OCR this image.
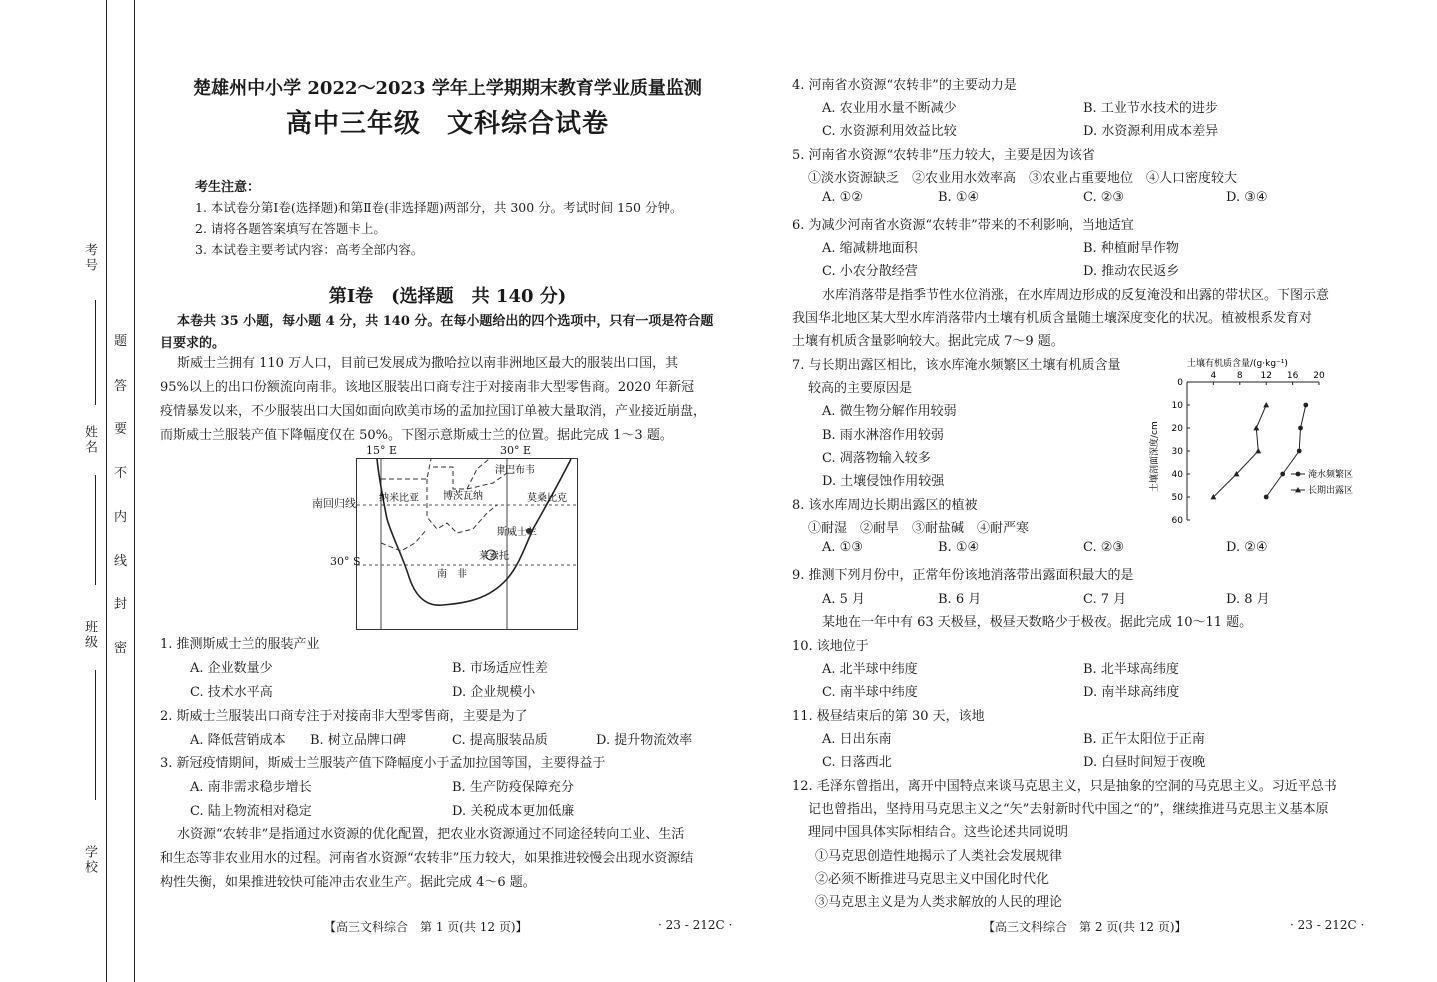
考号
姓名
班级
学校
题
答
要
不
内
线
封
密
楚雄州中小学 2022～2023 学年上学期期末教育学业质量监测
高中三年级 文科综合试卷
考生注意：
1. 本试卷分第Ⅰ卷(选择题)和第Ⅱ卷(非选择题)两部分，共 300 分。考试时间 150 分钟。
2. 请将各题答案填写在答题卡上。
3. 本试卷主要考试内容：高考全部内容。
第Ⅰ卷　(选择题　共 140 分)
本卷共 35 小题，每小题 4 分，共 140 分。在每小题给出的四个选项中，只有一项是符合题
目要求的。
斯威士兰拥有 110 万人口，目前已发展成为撒哈拉以南非洲地区最大的服装出口国，其
95%以上的出口份额流向南非。该地区服装出口商专注于对接南非大型零售商。2020 年新冠
疫情暴发以来，不少服装出口大国如面向欧美市场的孟加拉国订单被大量取消，产业接近崩盘，
而斯威士兰服装产值下降幅度仅在 50%。下图示意斯威士兰的位置。据此完成 1～3 题。
津巴布韦
纳米比亚 博茨瓦纳	莫桑比克
斯威士兰
莱索托
南　非
15° E	30° E
南回归线
30° S
1. 推测斯威士兰的服装产业
A. 企业数量少	B. 市场适应性差
C. 技术水平高	D. 企业规模小
2. 斯威士兰服装出口商专注于对接南非大型零售商，主要是为了
A. 降低营销成本 B. 树立品牌口碑	C. 提高服装品质	D. 提升物流效率
3. 新冠疫情期间，斯威士兰服装产值下降幅度小于孟加拉国等国，主要得益于
A. 南非需求稳步增长	B. 生产防疫保障充分
C. 陆上物流相对稳定	D. 关税成本更加低廉
水资源“农转非”是指通过水资源的优化配置，把农业水资源通过不同途径转向工业、生活
和生态等非农业用水的过程。河南省水资源“农转非”压力较大，如果推进较慢会出现水资源结
构性失衡，如果推进较快可能冲击农业生产。据此完成 4～6 题。
【高三文科综合　第 1 页(共 12 页)】	· 23 - 212C ·
4. 河南省水资源“农转非”的主要动力是
A. 农业用水量不断减少	B. 工业节水技术的进步
C. 水资源利用效益比较	D. 水资源利用成本差异
5. 河南省水资源“农转非”压力较大，主要是因为该省
①淡水资源缺乏　②农业用水效率高　③农业占重要地位　④人口密度较大
A. ①②	B. ①④	C. ②③	D. ③④
6. 为减少河南省水资源“农转非”带来的不利影响，当地适宜
A. 缩减耕地面积	B. 种植耐旱作物
C. 小农分散经营	D. 推动农民返乡
水库消落带是指季节性水位消涨，在水库周边形成的反复淹没和出露的带状区。下图示意
我国华北地区某大型水库消落带内土壤有机质含量随土壤深度变化的状况。植被根系发育对
土壤有机质含量影响较大。据此完成 7～9 题。
7. 与长期出露区相比，该水库淹水频繁区土壤有机质含量
较高的主要原因是
A. 微生物分解作用较弱
B. 雨水淋溶作用较弱
C. 凋落物输入较多
D. 土壤侵蚀作用较强
8. 该水库周边长期出露区的植被
①耐湿　②耐旱　③耐盐碱　④耐严寒
A. ①③	B. ①④	C. ②③	D. ②④
9. 推测下列月份中，正常年份该地消落带出露面积最大的是
A. 5 月	B. 6 月	C. 7 月	D. 8 月
某地在一年中有 63 天极昼，极昼天数略少于极夜。据此完成 10～11 题。
10. 该地位于
A. 北半球中纬度	B. 北半球高纬度
C. 南半球中纬度	D. 南半球高纬度
11. 极昼结束后的第 30 天，该地
A. 日出东南	B. 正午太阳位于正南
C. 日落西北	D. 白昼时间短于夜晚
12. 毛泽东曾指出，离开中国特点来谈马克思主义，只是抽象的空洞的马克思主义。习近平总书
记也曾指出，坚持用马克思主义之“矢”去射新时代中国之“的”，继续推进马克思主义基本原
理同中国具体实际相结合。这些论述共同说明
①马克思创造性地揭示了人类社会发展规律
②必须不断推进马克思主义中国化时代化
③马克思主义是为人类求解放的人民的理论
【高三文科综合　第 2 页(共 12 页)】	· 23 - 212C ·
土壤有机质含量/(g·kg⁻¹)
土壤剖面深度/cm
4 8 12 16 20
0
10
20
30
40
50
60
淹水频繁区
长期出露区
